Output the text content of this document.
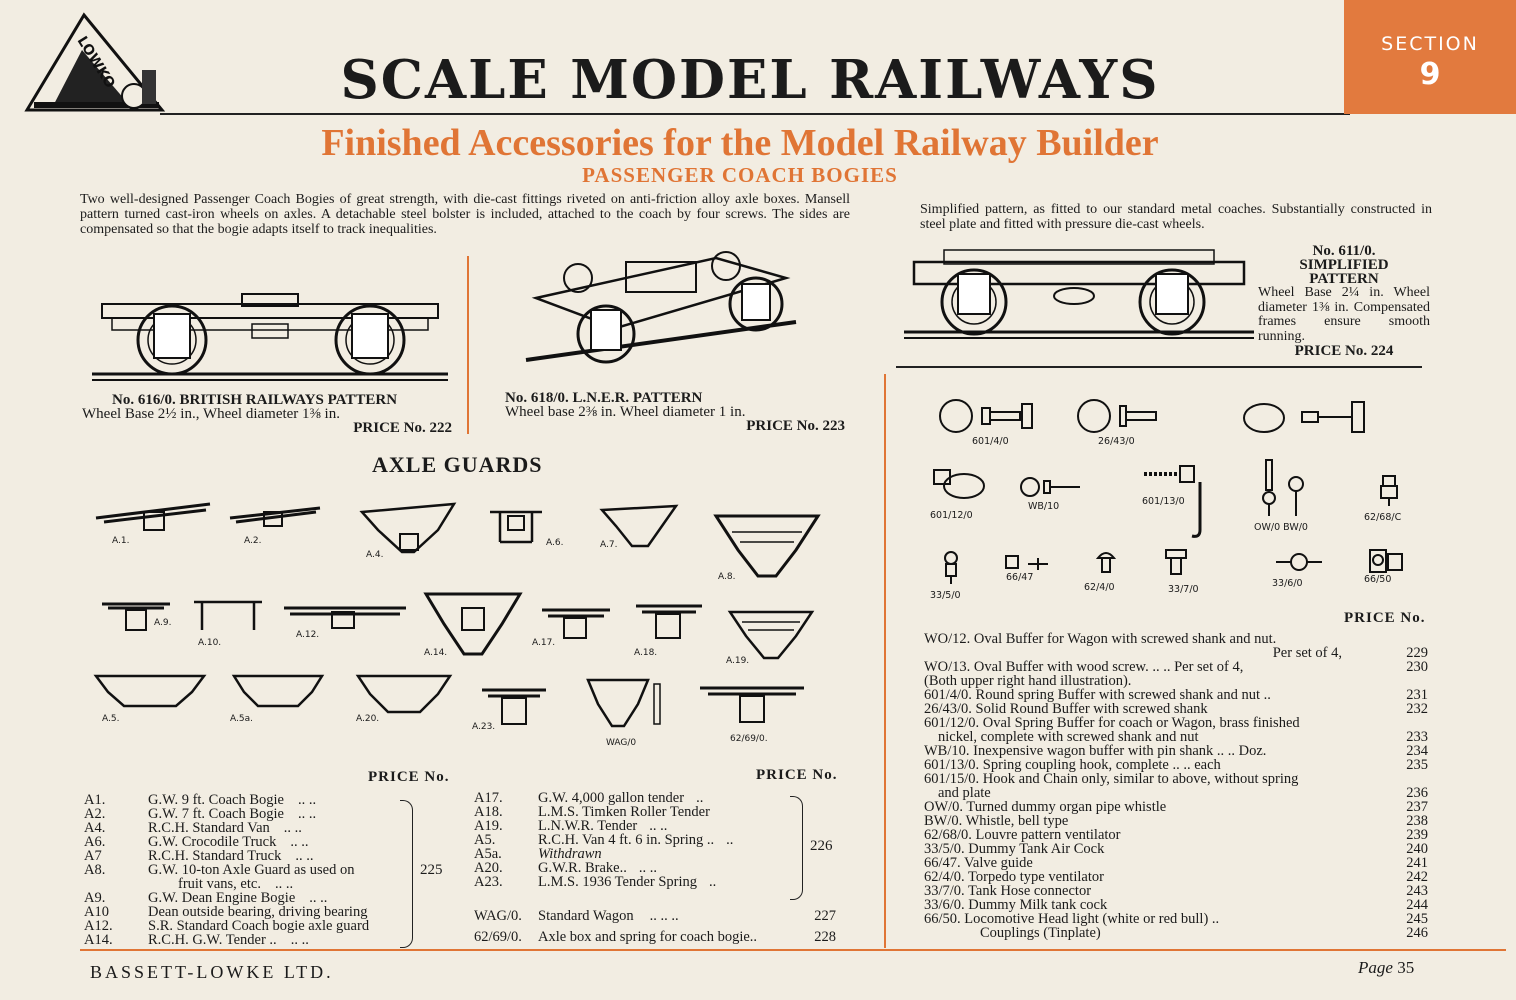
LOWKO	SCALE MODEL RAILWAYS
SECTION
9
Finished Accessories for the Model Railway Builder
PASSENGER COACH BOGIES
Two well-designed Passenger Coach Bogies of great strength, with die-cast fittings riveted on anti-friction alloy axle boxes. Mansell pattern turned cast-iron wheels on axles. A detachable steel bolster is included, attached to the coach by four screws. The sides are compensated so that the bogie adapts itself to track inequalities.
Simplified pattern, as fitted to our standard metal coaches. Substantially constructed in steel plate and fitted with pressure die-cast wheels.
No. 616/0. BRITISH RAILWAYS PATTERN
Wheel Base 2½ in., Wheel diameter 1⅜ in.
PRICE No. 222
No. 618/0. L.N.E.R. PATTERN
Wheel base 2⅜ in. Wheel diameter 1 in.
PRICE No. 223
No. 611/0.
SIMPLIFIED
PATTERN
Wheel Base 2¼ in. Wheel diameter 1⅜ in. Compensated frames ensure smooth running.
PRICE No. 224
AXLE GUARDS
A.1.	A.2.
A.4.
A.6.	A.7.
A.8.
A.9.
A.10.
A.12.
A.14.
A.17.
A.18.
A.19.
A.5.	A.5a.	A.20.
A.23.
WAG/0	62/69/0.
601/4/0	26/43/0
601/12/0
WB/10	601/13/0
OW/0 BW/0
62/68/C
33/5/0
66/47
62/4/0	33/7/0
33/6/0	66/50
PRICE No.	PRICE No.
PRICE No.
A1.	G.W. 9 ft. Coach Bogie .. ..
A2.	G.W. 7 ft. Coach Bogie .. ..
A4.	R.C.H. Standard Van .. ..
A6.	G.W. Crocodile Truck .. ..
A7	R.C.H. Standard Truck .. ..
A8.	G.W. 10-ton Axle Guard as used on
fruit vans, etc. .. ..
A9.	G.W. Dean Engine Bogie .. ..
A10	Dean outside bearing, driving bearing
A12. S.R. Standard Coach bogie axle guard
A14. R.C.H. G.W. Tender .. .. ..
225
A17. G.W. 4,000 gallon tender ..
A18. L.M.S. Timken Roller Tender
A19. L.N.W.R. Tender .. ..
A5.	R.C.H. Van 4 ft. 6 in. Spring .. ..
A5a. Withdrawn
A20. G.W.R. Brake.. .. ..
A23. L.M.S. 1936 Tender Spring ..
226
WAG/0. Standard Wagon .. .. ..	227
62/69/0. Axle box and spring for coach bogie..	228
WO/12. Oval Buffer for Wagon with screwed shank and nut.
Per set of 4,	229
WO/13. Oval Buffer with wood screw. .. .. Per set of 4,	230
(Both upper right hand illustration).
601/4/0. Round spring Buffer with screwed shank and nut ..	231
26/43/0. Solid Round Buffer with screwed shank	232
601/12/0. Oval Spring Buffer for coach or Wagon, brass finished
nickel, complete with screwed shank and nut	233
WB/10. Inexpensive wagon buffer with pin shank .. .. Doz.	234
601/13/0. Spring coupling hook, complete .. .. each	235
601/15/0. Hook and Chain only, similar to above, without spring
and plate	236
OW/0. Turned dummy organ pipe whistle	237
BW/0. Whistle, bell type	238
62/68/0. Louvre pattern ventilator	239
33/5/0. Dummy Tank Air Cock	240
66/47. Valve guide	241
62/4/0. Torpedo type ventilator	242
33/7/0. Tank Hose connector	243
33/6/0. Dummy Milk tank cock	244
66/50. Locomotive Head light (white or red bull) ..	245
Couplings (Tinplate)	246
BASSETT-LOWKE LTD.	Page 35
